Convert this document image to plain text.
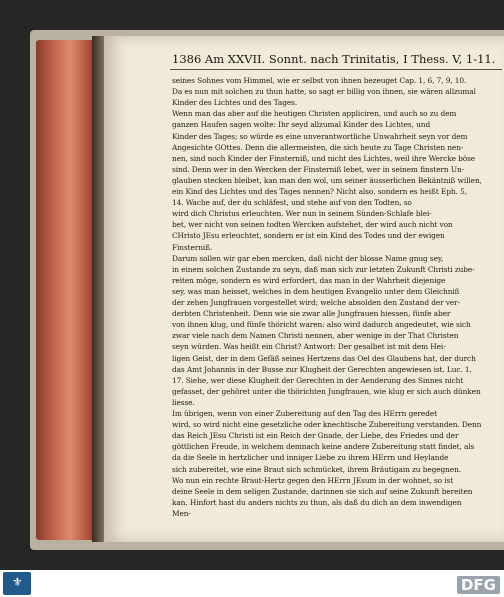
1386 Am XXVII. Sonnt. nach Trinitatis, I Thess. V, 1-11.
seines Sohnes vom Himmel, wie er selbst von ihnen bezeuget Cap. 1, 6, 7, 9, 10.
Da es nun mit solchen zu thun hatte, so sagt er billig von ihnen, sie wären allzumal
Kinder des Lichtes und des Tages.
Wenn man das aber auf die heutigen Christen appliciren, und auch so zu dem
ganzen Haufen sagen wolte: Ihr seyd allzumal Kinder des Lichtes, und
Kinder des Tages; so würde es eine unverantwortliche Unwahrheit seyn vor dem
Angesichte GOttes. Denn die allermeisten, die sich heute zu Tage Christen nen-
nen, sind noch Kinder der Finsterniß, und nicht des Lichtes, weil ihre Wercke böse
sind. Denn wer in den Wercken der Finsterniß lebet, wer in seinem finstern Un-
glauben stecken bleibet, kan man den wol, um seiner äusserlichen Bekäntniß willen,
ein Kind des Lichtes und des Tages nennen? Nicht also, sondern es heißt Eph. 5,
14. Wache auf, der du schläfest, und stehe auf von den Todten, so
wird dich Christus erleuchten. Wer nun in seinem Sünden-Schlafe blei-
bet, wer nicht von seinen todten Wercken aufstehet, der wird auch nicht von
CHristo JEsu erleuchtet, sondern er ist ein Kind des Todes und der ewigen
Finsterniß.
Darum sollen wir gar eben mercken, daß nicht der blosse Name gnug sey,
in einem solchen Zustande zu seyn, daß man sich zur letzten Zukunft Christi zube-
reiten möge, sondern es wird erfordert, das man in der Wahrheit diejenige
sey, was man heisset, welches in dem heutigen Evangelio unter dem Gleichniß
der zehen Jungfrauen vorgestellet wird; welche absolden den Zustand der ver-
derbten Christenheit. Denn wie sie zwar alle Jungfrauen hiessen, fünfe aber
von ihnen klug, und fünfe thöricht waren: also wird dadurch angedeutet, wie sich
zwar viele nach dem Namen Christi nennen, aber wenige in der That Christen
seyn würden. Was heißt ein Christ? Antwort: Der gesalbet ist mit dem Hei-
ligen Geist, der in dem Gefäß seines Hertzens das Oel des Glaubens hat, der durch
das Amt Johannis in der Busse zur Klugheit der Gerechten angewiesen ist. Luc. 1,
17. Siehe, wer diese Klugheit der Gerechten in der Aenderung des Sinnes nicht
gefasset, der gehöret unter die thörichten Jungfrauen, wie klug er sich auch dünken
liesse.
Im übrigen, wenn von einer Zubereitung auf den Tag des HErrn geredet
wird, so wird nicht eine gesetzliche oder knechtische Zubereitung verstanden. Denn
das Reich JEsu Christi ist ein Reich der Gnade, der Liebe, des Friedes und der
göttlichen Freude, in welchem demnach keine andere Zubereitung statt findet, als
da die Seele in hertzlicher und inniger Liebe zu ihrem HErrn und Heylande
sich zubereitet, wie eine Braut sich schmücket, ihrem Bräutigam zu begegnen.
Wo nun ein rechte Braut-Hertz gegen den HErrn JEsum in der wohnet, so ist
deine Seele in dem seligen Zustande, darinnen sie sich auf seine Zukunft bereiten
kan. Hinfort hast du anders nichts zu thun, als daß du dich an dem inwendigen
Men-
⚜	DFG
